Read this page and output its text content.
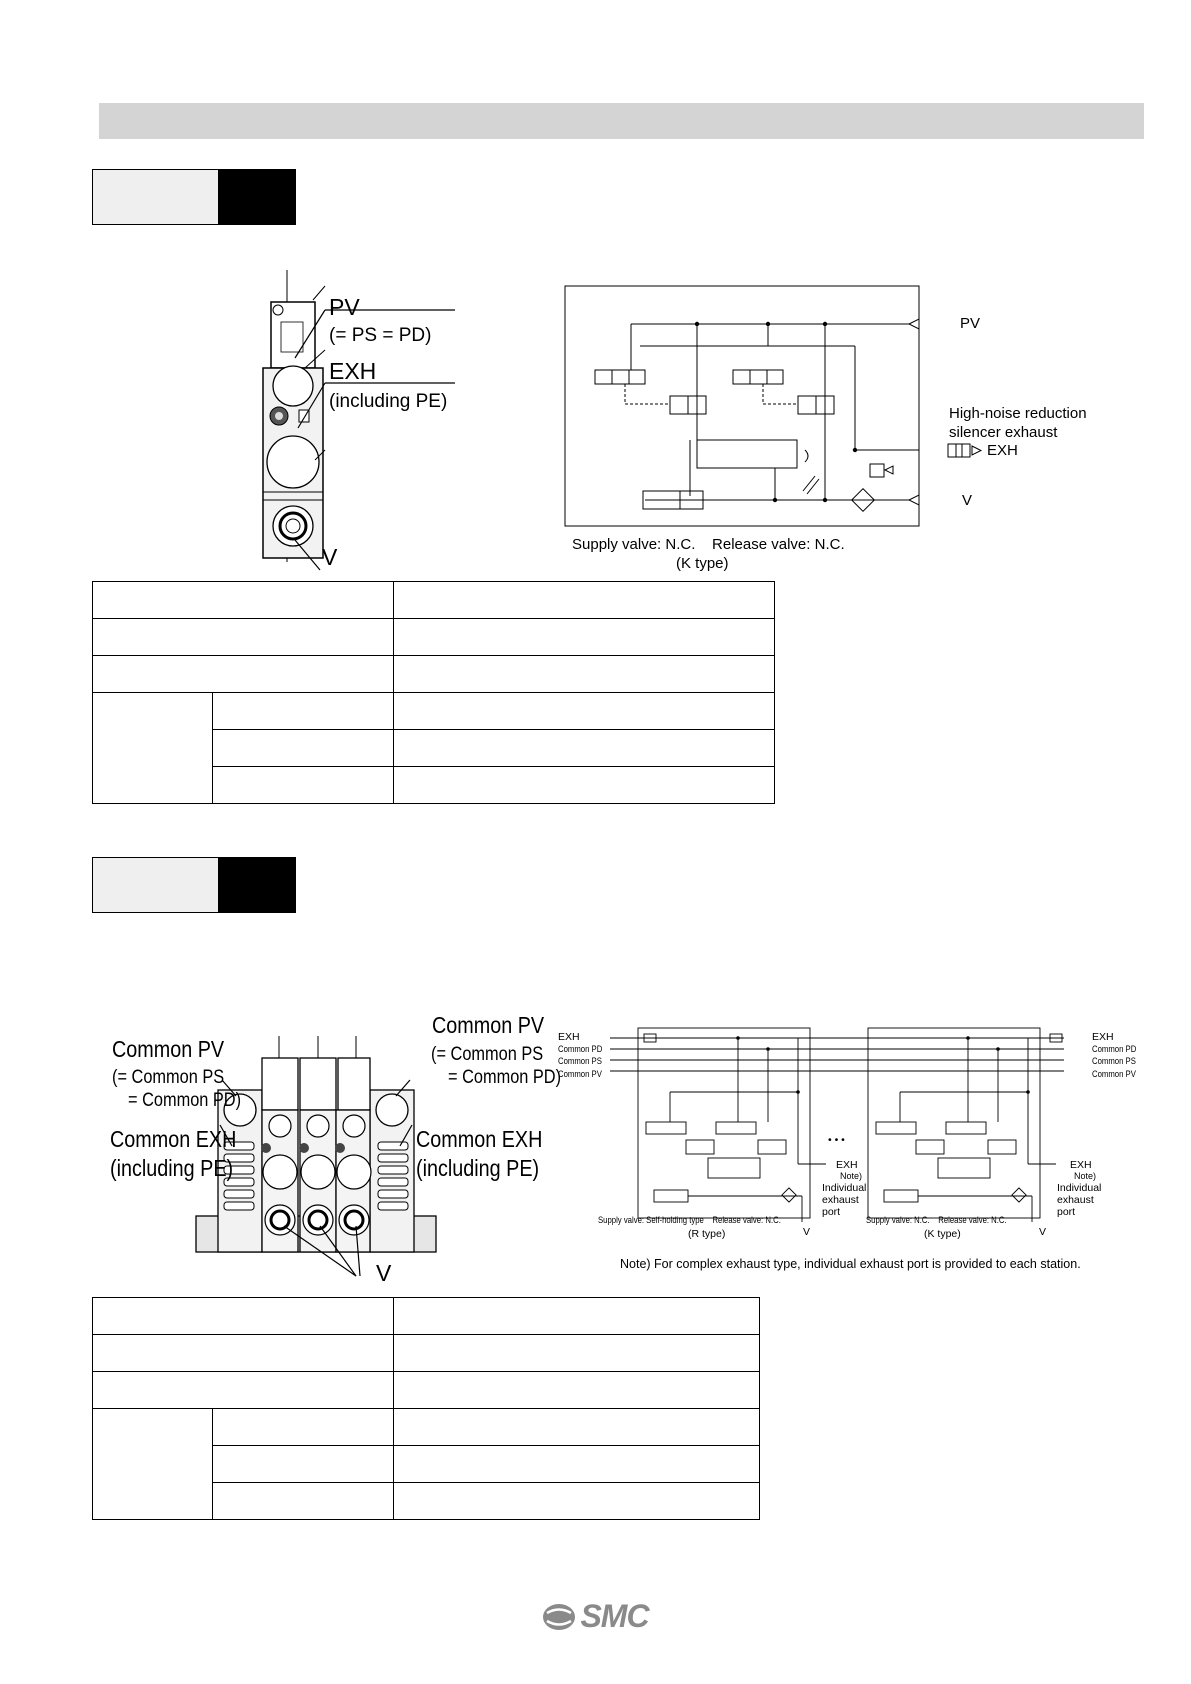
PV
(= PS = PD)
EXH
(including PE)
V
PV
High-noise reduction
silencer exhaust
EXH
V
Supply valve: N.C.    Release valve: N.C.
(K type)

Common PV
(= Common PS
= Common PD)
Common EXH
(including PE)
Common PV
(= Common PS
= Common PD)
Common EXH
(including PE)
V
EXH
Common PD
Common PS
Common PV
EXH
Common PD
Common PS
Common PV
• • •
EXH
Note)
Individual
exhaust
port
EXH
Note)
Individual
exhaust
port
V	V
Supply valve: Self-holding type    Release valve: N.C.
(R type)
Supply valve: N.C.    Release valve: N.C.
(K type)
Note) For complex exhaust type, individual exhaust port is provided to each station.

SMC
